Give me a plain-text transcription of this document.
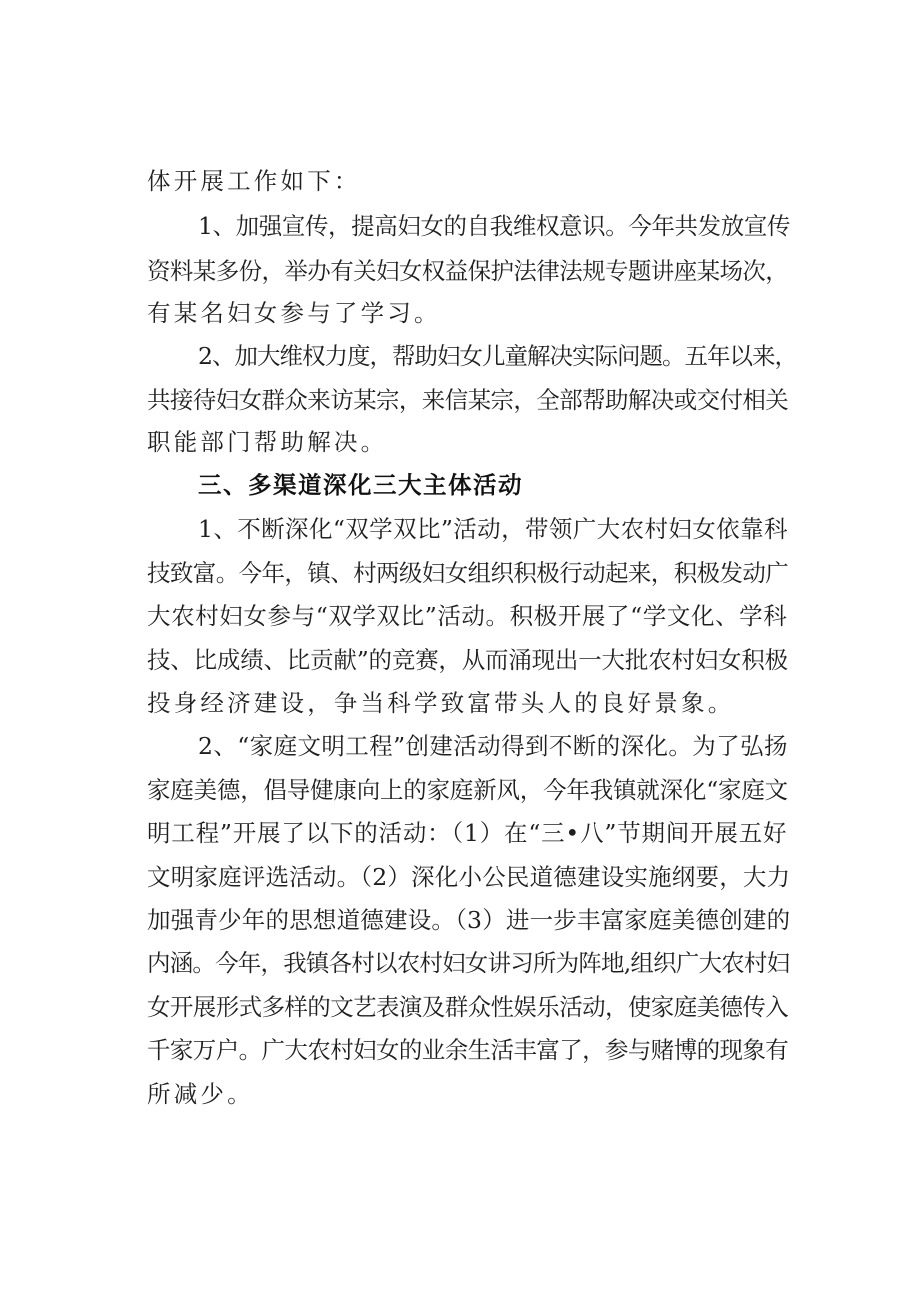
体开展工作如下：
1、加强宣传，提高妇女的自我维权意识。今年共发放宣传
资料某多份，举办有关妇女权益保护法律法规专题讲座某场次，
有某名妇女参与了学习。
2、加大维权力度，帮助妇女儿童解决实际问题。五年以来，
共接待妇女群众来访某宗，来信某宗，全部帮助解决或交付相关
职能部门帮助解决。
三、多渠道深化三大主体活动
1、不断深化“双学双比”活动，带领广大农村妇女依靠科
技致富。今年，镇、村两级妇女组织积极行动起来，积极发动广
大农村妇女参与“双学双比”活动。积极开展了“学文化、学科
技、比成绩、比贡献”的竞赛，从而涌现出一大批农村妇女积极
投身经济建设，争当科学致富带头人的良好景象。
2、“家庭文明工程”创建活动得到不断的深化。为了弘扬
家庭美德，倡导健康向上的家庭新风，今年我镇就深化“家庭文
明工程”开展了以下的活动：（1）在“三•八”节期间开展五好
文明家庭评选活动。（2）深化小公民道德建设实施纲要，大力
加强青少年的思想道德建设。（3）进一步丰富家庭美德创建的
内涵。今年，我镇各村以农村妇女讲习所为阵地,组织广大农村妇
女开展形式多样的文艺表演及群众性娱乐活动，使家庭美德传入
千家万户。广大农村妇女的业余生活丰富了，参与赌博的现象有
所减少。
